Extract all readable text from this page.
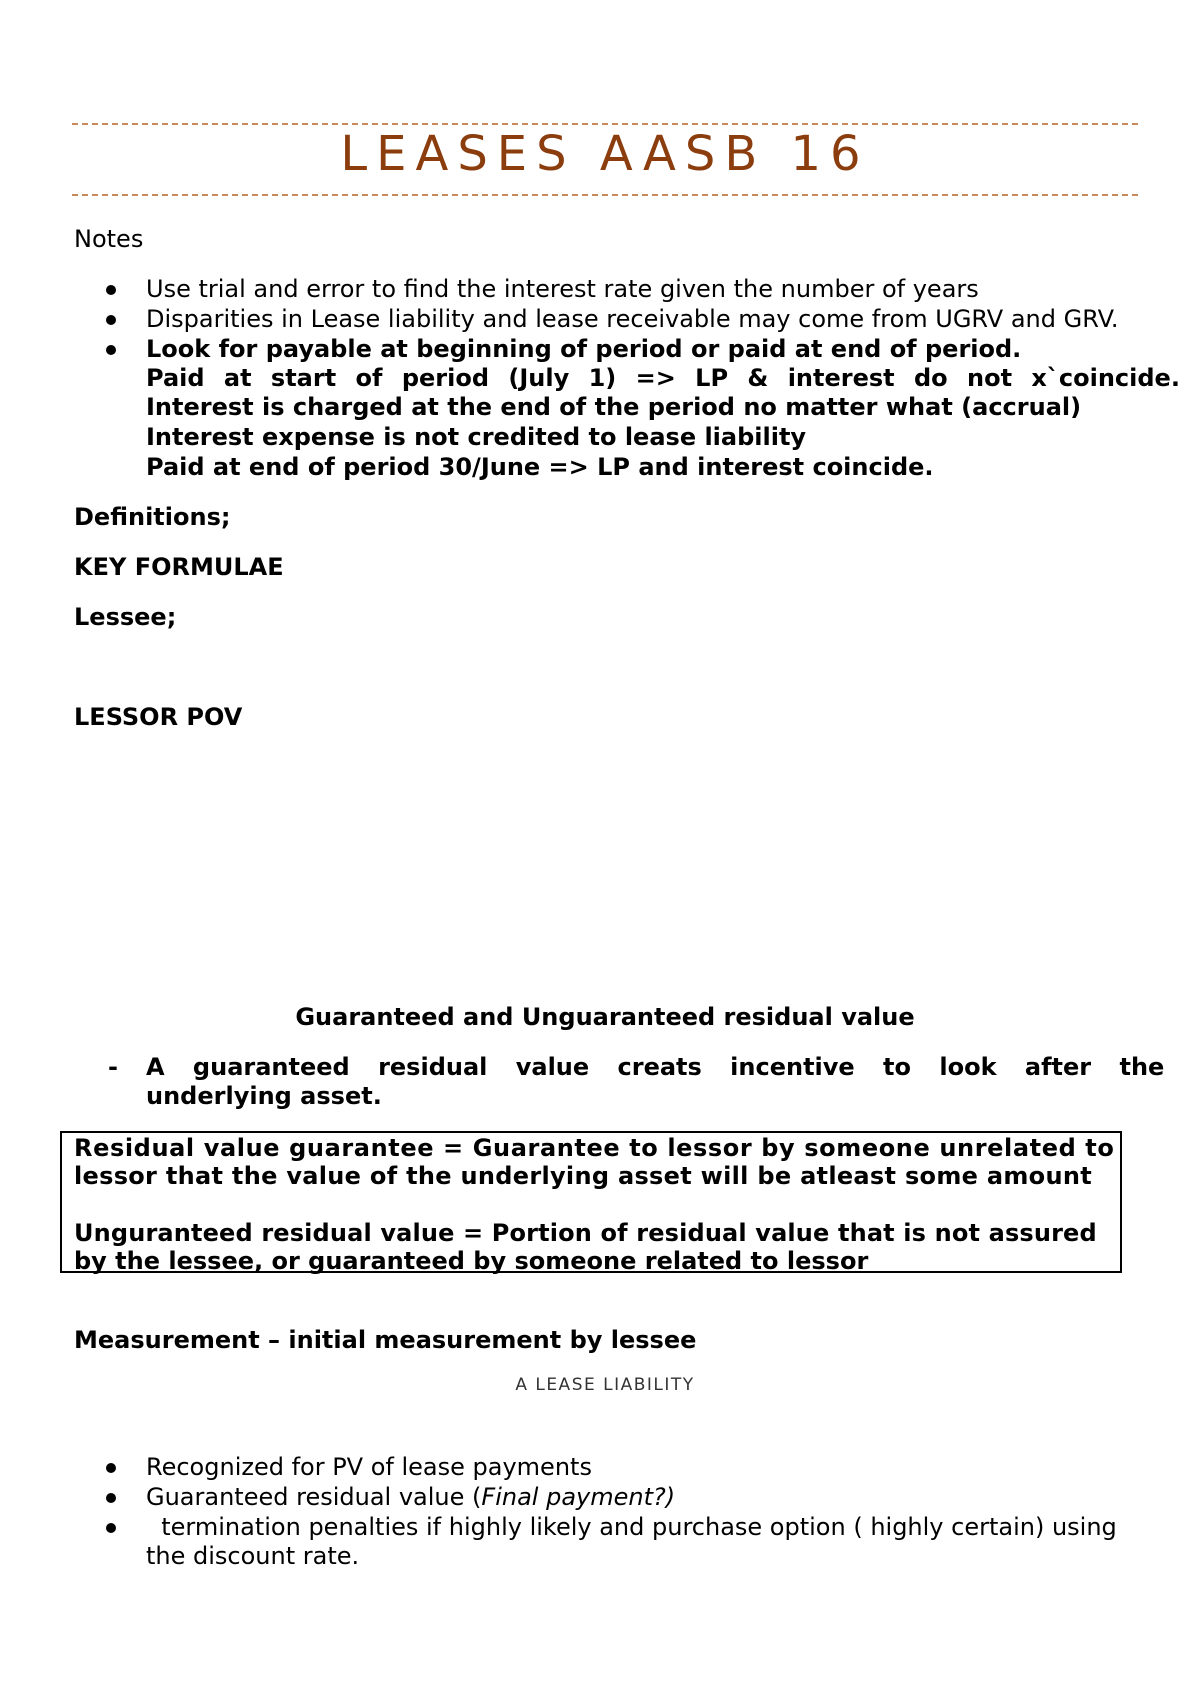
LEASES AASB 16
Notes
Use trial and error to find the interest rate given the number of years
Disparities in Lease liability and lease receivable may come from UGRV and GRV.
Look for payable at beginning of period or paid at end of period.
Paid at start of period (July 1) => LP & interest do not x`coincide.
Interest is charged at the end of the period no matter what (accrual)
Interest expense is not credited to lease liability
Paid at end of period 30/June => LP and interest coincide.
Definitions;
KEY FORMULAE
Lessee;
LESSOR POV
Guaranteed and Unguaranteed residual value
- A guaranteed residual value creats incentive to look after the
underlying asset.
Residual value guarantee = Guarantee to lessor by someone unrelated to
lessor that the value of the underlying asset will be atleast some amount
Unguranteed residual value = Portion of residual value that is not assured
by the lessee, or guaranteed by someone related to lessor
Measurement – initial measurement by lessee
A LEASE LIABILITY
Recognized for PV of lease payments
Guaranteed residual value (Final payment?)
termination penalties if highly likely and purchase option ( highly certain) using
the discount rate.
